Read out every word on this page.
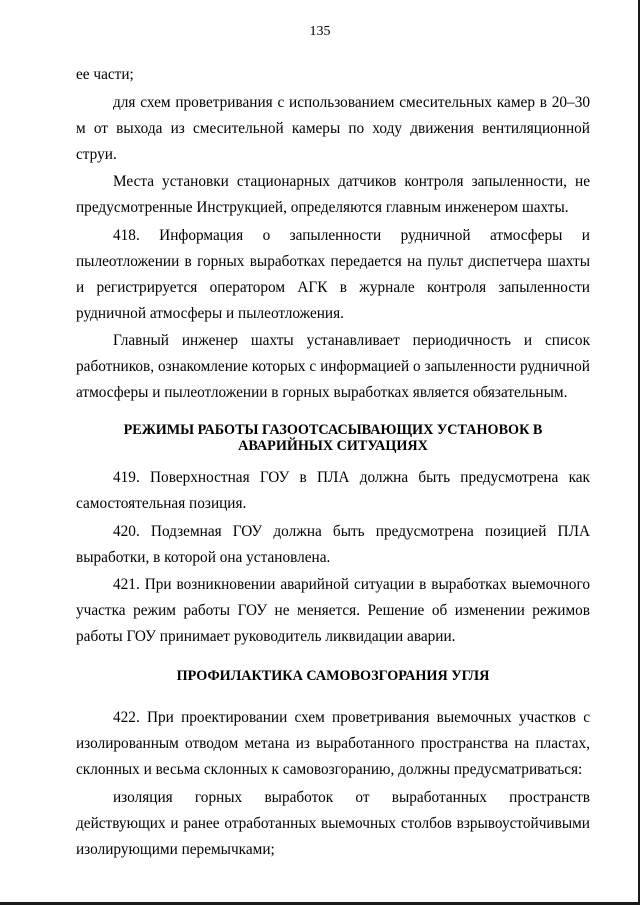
135

ее части;

для схем проветривания с использованием смесительных камер в 20–30 м от выхода из смесительной камеры по ходу движения вентиляционной струи.

Места установки стационарных датчиков контроля запыленности, не предусмотренные Инструкцией, определяются главным инженером шахты.

418. Информация о запыленности рудничной атмосферы и пылеотложении в горных выработках передается на пульт диспетчера шахты и регистрируется оператором АГК в журнале контроля запыленности рудничной атмосферы и пылеотложения.

Главный инженер шахты устанавливает периодичность и список работников, ознакомление которых с информацией о запыленности рудничной атмосферы и пылеотложении в горных выработках является обязательным.

РЕЖИМЫ РАБОТЫ ГАЗООТСАСЫВАЮЩИХ УСТАНОВОК В АВАРИЙНЫХ СИТУАЦИЯХ

419. Поверхностная ГОУ в ПЛА должна быть предусмотрена как самостоятельная позиция.

420. Подземная ГОУ должна быть предусмотрена позицией ПЛА выработки, в которой она установлена.

421. При возникновении аварийной ситуации в выработках выемочного участка режим работы ГОУ не меняется. Решение об изменении режимов работы ГОУ принимает руководитель ликвидации аварии.

ПРОФИЛАКТИКА САМОВОЗГОРАНИЯ УГЛЯ

422. При проектировании схем проветривания выемочных участков с изолированным отводом метана из выработанного пространства на пластах, склонных и весьма склонных к самовозгоранию, должны предусматриваться:

изоляция горных выработок от выработанных пространств действующих и ранее отработанных выемочных столбов взрывоустойчивыми изолирующими перемычками;
